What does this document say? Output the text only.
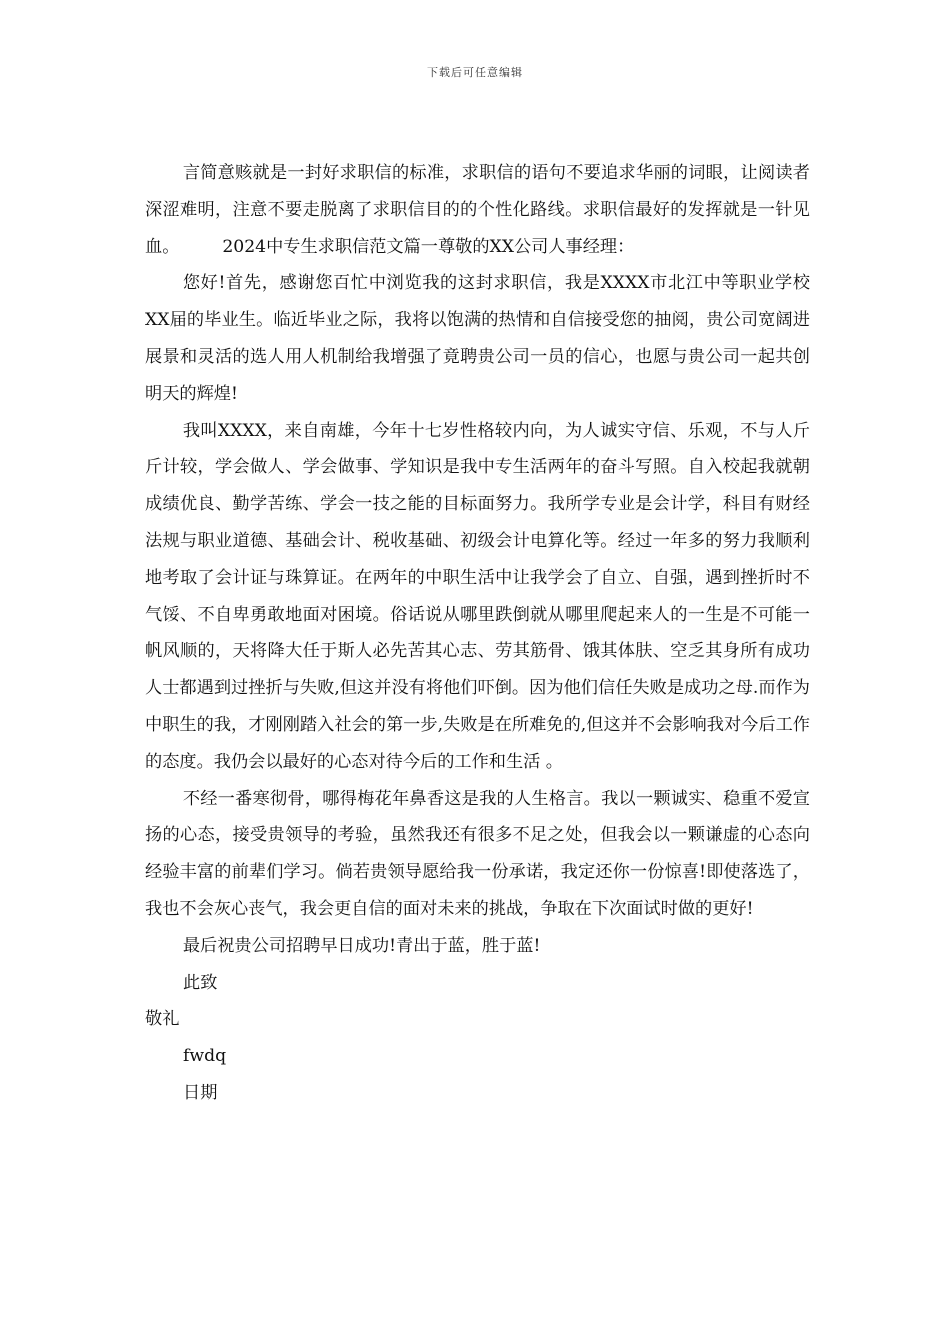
下载后可任意编辑

言简意赅就是一封好求职信的标准，求职信的语句不要追求华丽的词眼，让阅读者深涩难明，注意不要走脱离了求职信目的的个性化路线。求职信最好的发挥就是一针见血。　　　2024中专生求职信范文篇一尊敬的XX公司人事经理：

您好!首先，感谢您百忙中浏览我的这封求职信，我是XXXX市北江中等职业学校XX届的毕业生。临近毕业之际，我将以饱满的热情和自信接受您的抽阅，贵公司宽阔进展景和灵活的选人用人机制给我增强了竟聘贵公司一员的信心，也愿与贵公司一起共创明天的辉煌!

我叫XXXX，来自南雄，今年十七岁性格较内向，为人诚实守信、乐观，不与人斤斤计较，学会做人、学会做事、学知识是我中专生活两年的奋斗写照。自入校起我就朝成绩优良、勤学苦练、学会一技之能的目标面努力。我所学专业是会计学，科目有财经法规与职业道德、基础会计、税收基础、初级会计电算化等。经过一年多的努力我顺利地考取了会计证与珠算证。在两年的中职生活中让我学会了自立、自强，遇到挫折时不气馁、不自卑勇敢地面对困境。俗话说从哪里跌倒就从哪里爬起来人的一生是不可能一帆风顺的，天将降大任于斯人必先苦其心志、劳其筋骨、饿其体肤、空乏其身所有成功人士都遇到过挫折与失败,但这并没有将他们吓倒。因为他们信任失败是成功之母.而作为中职生的我，才刚刚踏入社会的第一步,失败是在所难免的,但这并不会影响我对今后工作的态度。我仍会以最好的心态对待今后的工作和生活 。

不经一番寒彻骨，哪得梅花年鼻香这是我的人生格言。我以一颗诚实、稳重不爱宣扬的心态，接受贵领导的考验，虽然我还有很多不足之处，但我会以一颗谦虚的心态向经验丰富的前辈们学习。倘若贵领导愿给我一份承诺，我定还你一份惊喜!即使落选了，我也不会灰心丧气，我会更自信的面对未来的挑战，争取在下次面试时做的更好!

最后祝贵公司招聘早日成功!青出于蓝，胜于蓝!

此致

敬礼

fwdq

日期
